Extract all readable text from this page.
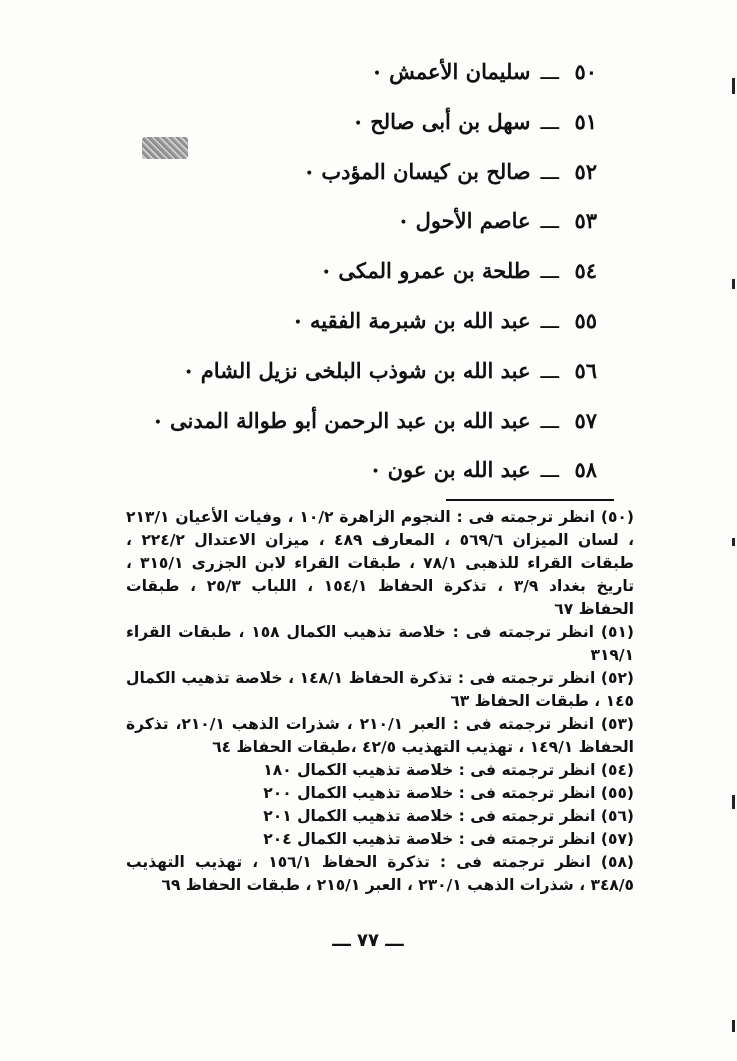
٥٠ـــسليمان الأعمش•
٥١ـــسهل بن أبى صالح•
٥٢ـــصالح بن كيسان المؤدب•
٥٣ـــعاصم الأحول•
٥٤ـــطلحة بن عمرو المكى•
٥٥ـــعبد الله بن شبرمة الفقيه•
٥٦ـــعبد الله بن شوذب البلخى نزيل الشام•
٥٧ـــعبد الله بن عبد الرحمن أبو طوالة المدنى•
٥٨ـــعبد الله بن عون•

(٥٠) انظر ترجمته فى : النجوم الزاهرة ١٠/٢ ، وفيات الأعيان ٢١٣/١ ، لسان الميزان ٥٦٩/٦ ، المعارف ٤٨٩ ، ميزان الاعتدال ٢٢٤/٢ ، طبقات القراء للذهبى ٧٨/١ ، طبقات القراء لابن الجزرى ٣١٥/١ ، تاريخ بغداد ٣/٩ ، تذكرة الحفاظ ١٥٤/١ ، اللباب ٢٥/٣ ، طبقات الحفاظ ٦٧

(٥١) انظر ترجمته فى : خلاصة تذهيب الكمال ١٥٨ ، طبقات القراء ٣١٩/١

(٥٢) انظر ترجمته فى : تذكرة الحفاظ ١٤٨/١ ، خلاصة تذهيب الكمال ١٤٥ ، طبقات الحفاظ ٦٣

(٥٣) انظر ترجمته فى : العبر ٢١٠/١ ، شذرات الذهب ٢١٠/١، تذكرة الحفاظ ١٤٩/١ ، تهذيب التهذيب ٤٢/٥ ،طبقات الحفاظ ٦٤

(٥٤) انظر ترجمته فى : خلاصة تذهيب الكمال ١٨٠

(٥٥) انظر ترجمته فى : خلاصة تذهيب الكمال ٢٠٠

(٥٦) انظر ترجمته فى : خلاصة تذهيب الكمال ٢٠١

(٥٧) انظر ترجمته فى : خلاصة تذهيب الكمال ٢٠٤

(٥٨) انظر ترجمته فى : تذكرة الحفاظ ١٥٦/١ ، تهذيب التهذيب ٣٤٨/٥ ، شذرات الذهب ٢٣٠/١ ، العبر ٢١٥/١ ، طبقات الحفاظ ٦٩

ـــ ٧٧ ـــ
